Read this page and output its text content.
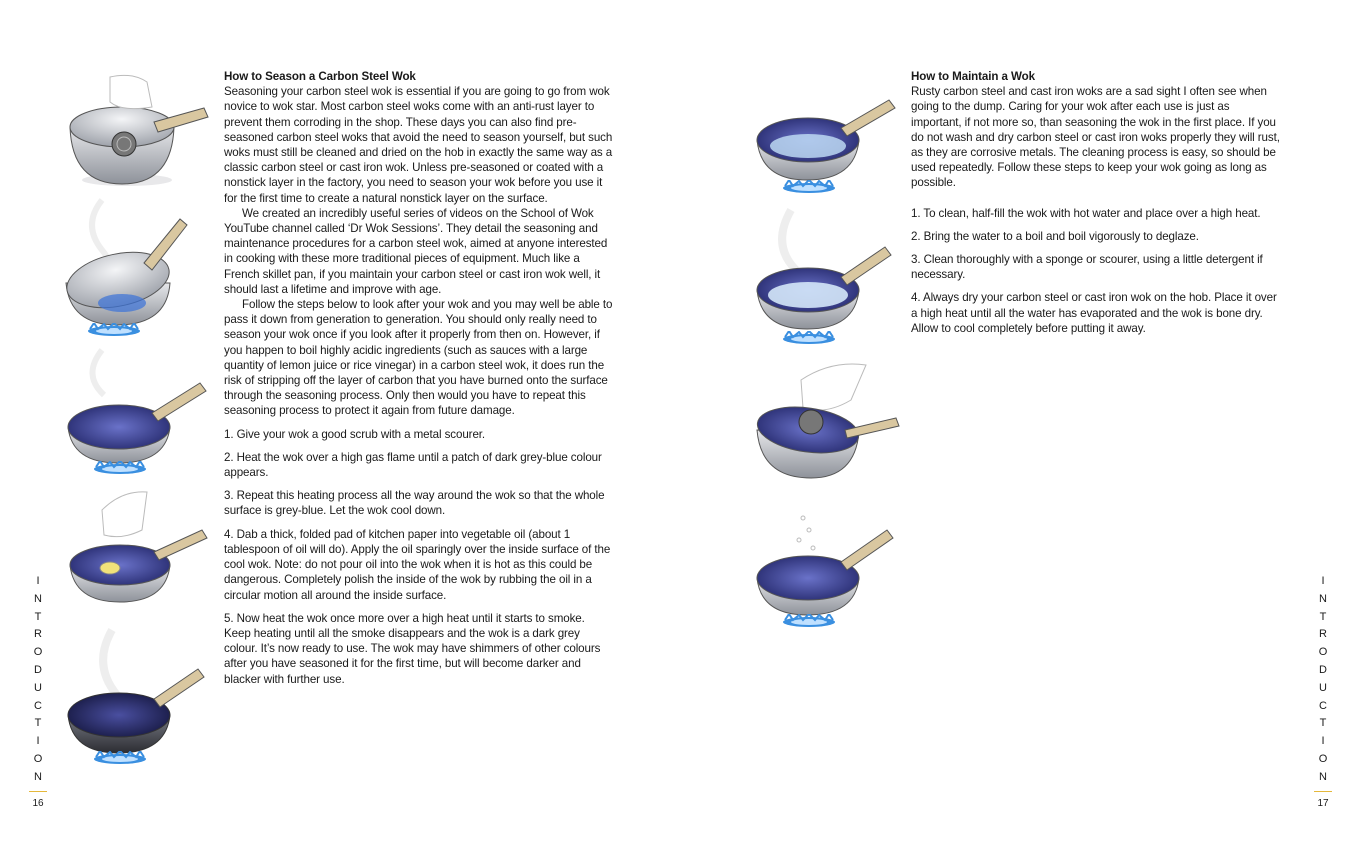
How to Season a Carbon Steel Wok

Seasoning your carbon steel wok is essential if you are going to go from wok novice to wok star. Most carbon steel woks come with an anti-rust layer to prevent them corroding in the shop. These days you can also find pre-seasoned carbon steel woks that avoid the need to season yourself, but such woks must still be cleaned and dried on the hob in exactly the same way as a classic carbon steel or cast iron wok. Unless pre-seasoned or coated with a nonstick layer in the factory, you need to season your wok before you use it for the first time to create a natural nonstick layer on the surface.

We created an incredibly useful series of videos on the School of Wok YouTube channel called ‘Dr Wok Sessions’. They detail the seasoning and maintenance procedures for a carbon steel wok, aimed at anyone interested in cooking with these more traditional pieces of equipment. Much like a French skillet pan, if you maintain your carbon steel or cast iron wok well, it should last a lifetime and improve with age.

Follow the steps below to look after your wok and you may well be able to pass it down from generation to generation. You should only really need to season your wok once if you look after it properly from then on. However, if you happen to boil highly acidic ingredients (such as sauces with a large quantity of lemon juice or rice vinegar) in a carbon steel wok, it does run the risk of stripping off the layer of carbon that you have burned onto the surface through the seasoning process. Only then would you have to repeat this seasoning process to protect it again from future damage.

1. Give your wok a good scrub with a metal scourer.
2. Heat the wok over a high gas flame until a patch of dark grey-blue colour appears.
3. Repeat this heating process all the way around the wok so that the whole surface is grey-blue. Let the wok cool down.
4. Dab a thick, folded pad of kitchen paper into vegetable oil (about 1 tablespoon of oil will do). Apply the oil sparingly over the inside surface of the cool wok. Note: do not pour oil into the wok when it is hot as this could be dangerous. Completely polish the inside of the wok by rubbing the oil in a circular motion all around the inside surface.
5. Now heat the wok once more over a high heat until it starts to smoke. Keep heating until all the smoke disappears and the wok is a dark grey colour. It’s now ready to use. The wok may have shimmers of other colours after you have seasoned it for the first time, but will become darker and blacker with further use.
I
N
T
R
O
D
U
C
T
I
O
N
16
How to Maintain a Wok

Rusty carbon steel and cast iron woks are a sad sight I often see when going to the dump. Caring for your wok after each use is just as important, if not more so, than seasoning the wok in the first place. If you do not wash and dry carbon steel or cast iron woks properly they will rust, as they are corrosive metals. The cleaning process is easy, so should be used repeatedly. Follow these steps to keep your wok going as long as possible.

1. To clean, half-fill the wok with hot water and place over a high heat.
2. Bring the water to a boil and boil vigorously to deglaze.
3. Clean thoroughly with a sponge or scourer, using a little detergent if necessary.
4. Always dry your carbon steel or cast iron wok on the hob. Place it over a high heat until all the water has evaporated and the wok is bone dry. Allow to cool completely before putting it away.
I
N
T
R
O
D
U
C
T
I
O
N
17
